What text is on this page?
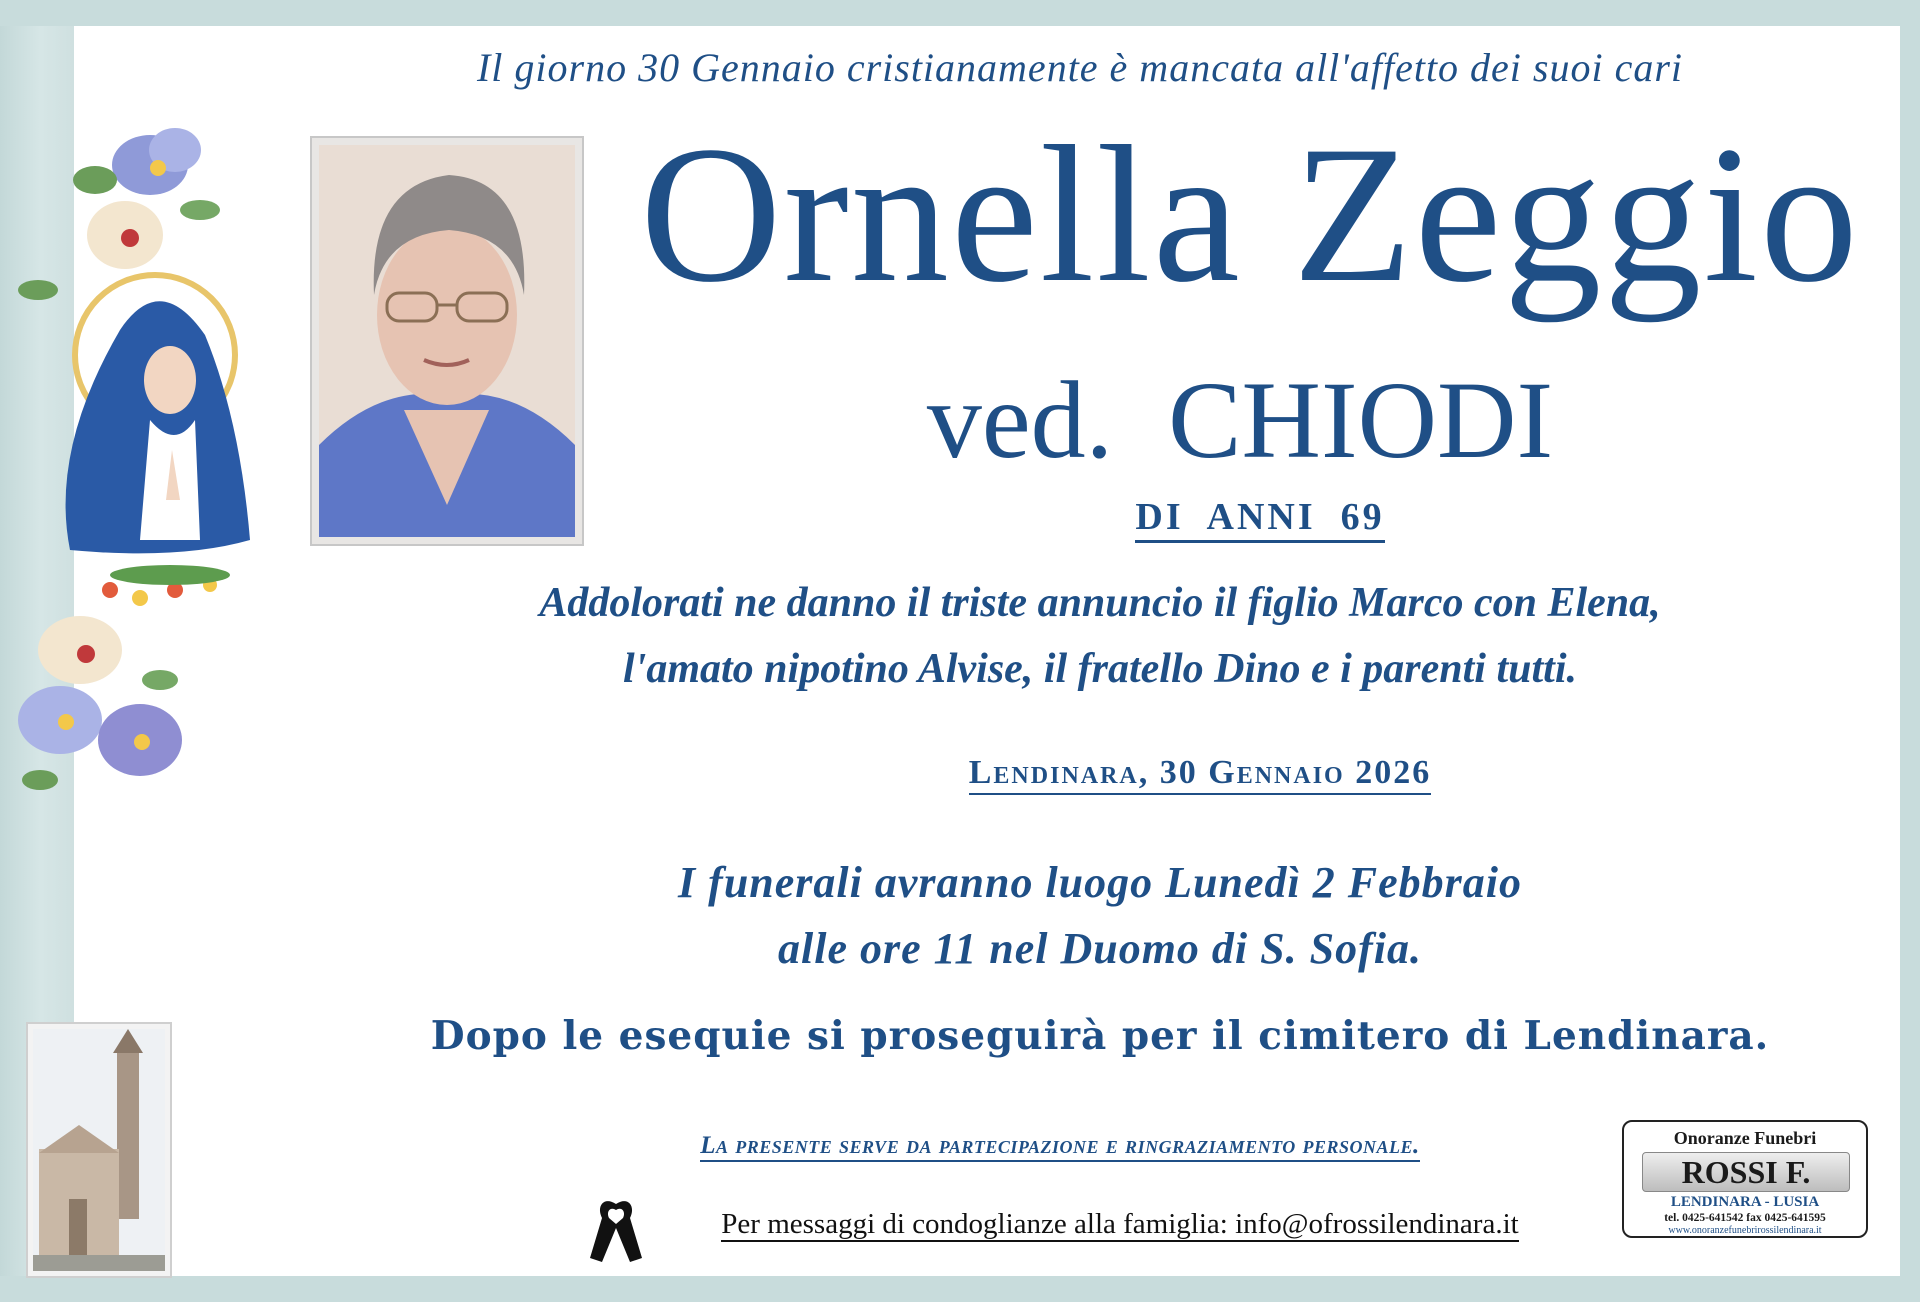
Il giorno 30 Gennaio cristianamente è mancata all'affetto dei suoi cari
Ornella Zeggio
ved.  CHIODI
DI  ANNI  69
Addolorati ne danno il triste annuncio il figlio Marco con Elena,
l'amato nipotino Alvise, il fratello Dino e i parenti tutti.
Lendinara, 30 Gennaio 2026
I funerali avranno luogo Lunedì 2 Febbraio
alle ore 11 nel Duomo di S. Sofia.
Dopo le esequie si proseguirà per il cimitero di Lendinara.
La presente serve da partecipazione e ringraziamento personale.
Per messaggi di condoglianze alla famiglia: info@ofrossilendinara.it
Onoranze Funebri
ROSSI F.
LENDINARA - LUSIA
tel. 0425-641542 fax 0425-641595
www.onoranzefunebrirossilendinara.it
